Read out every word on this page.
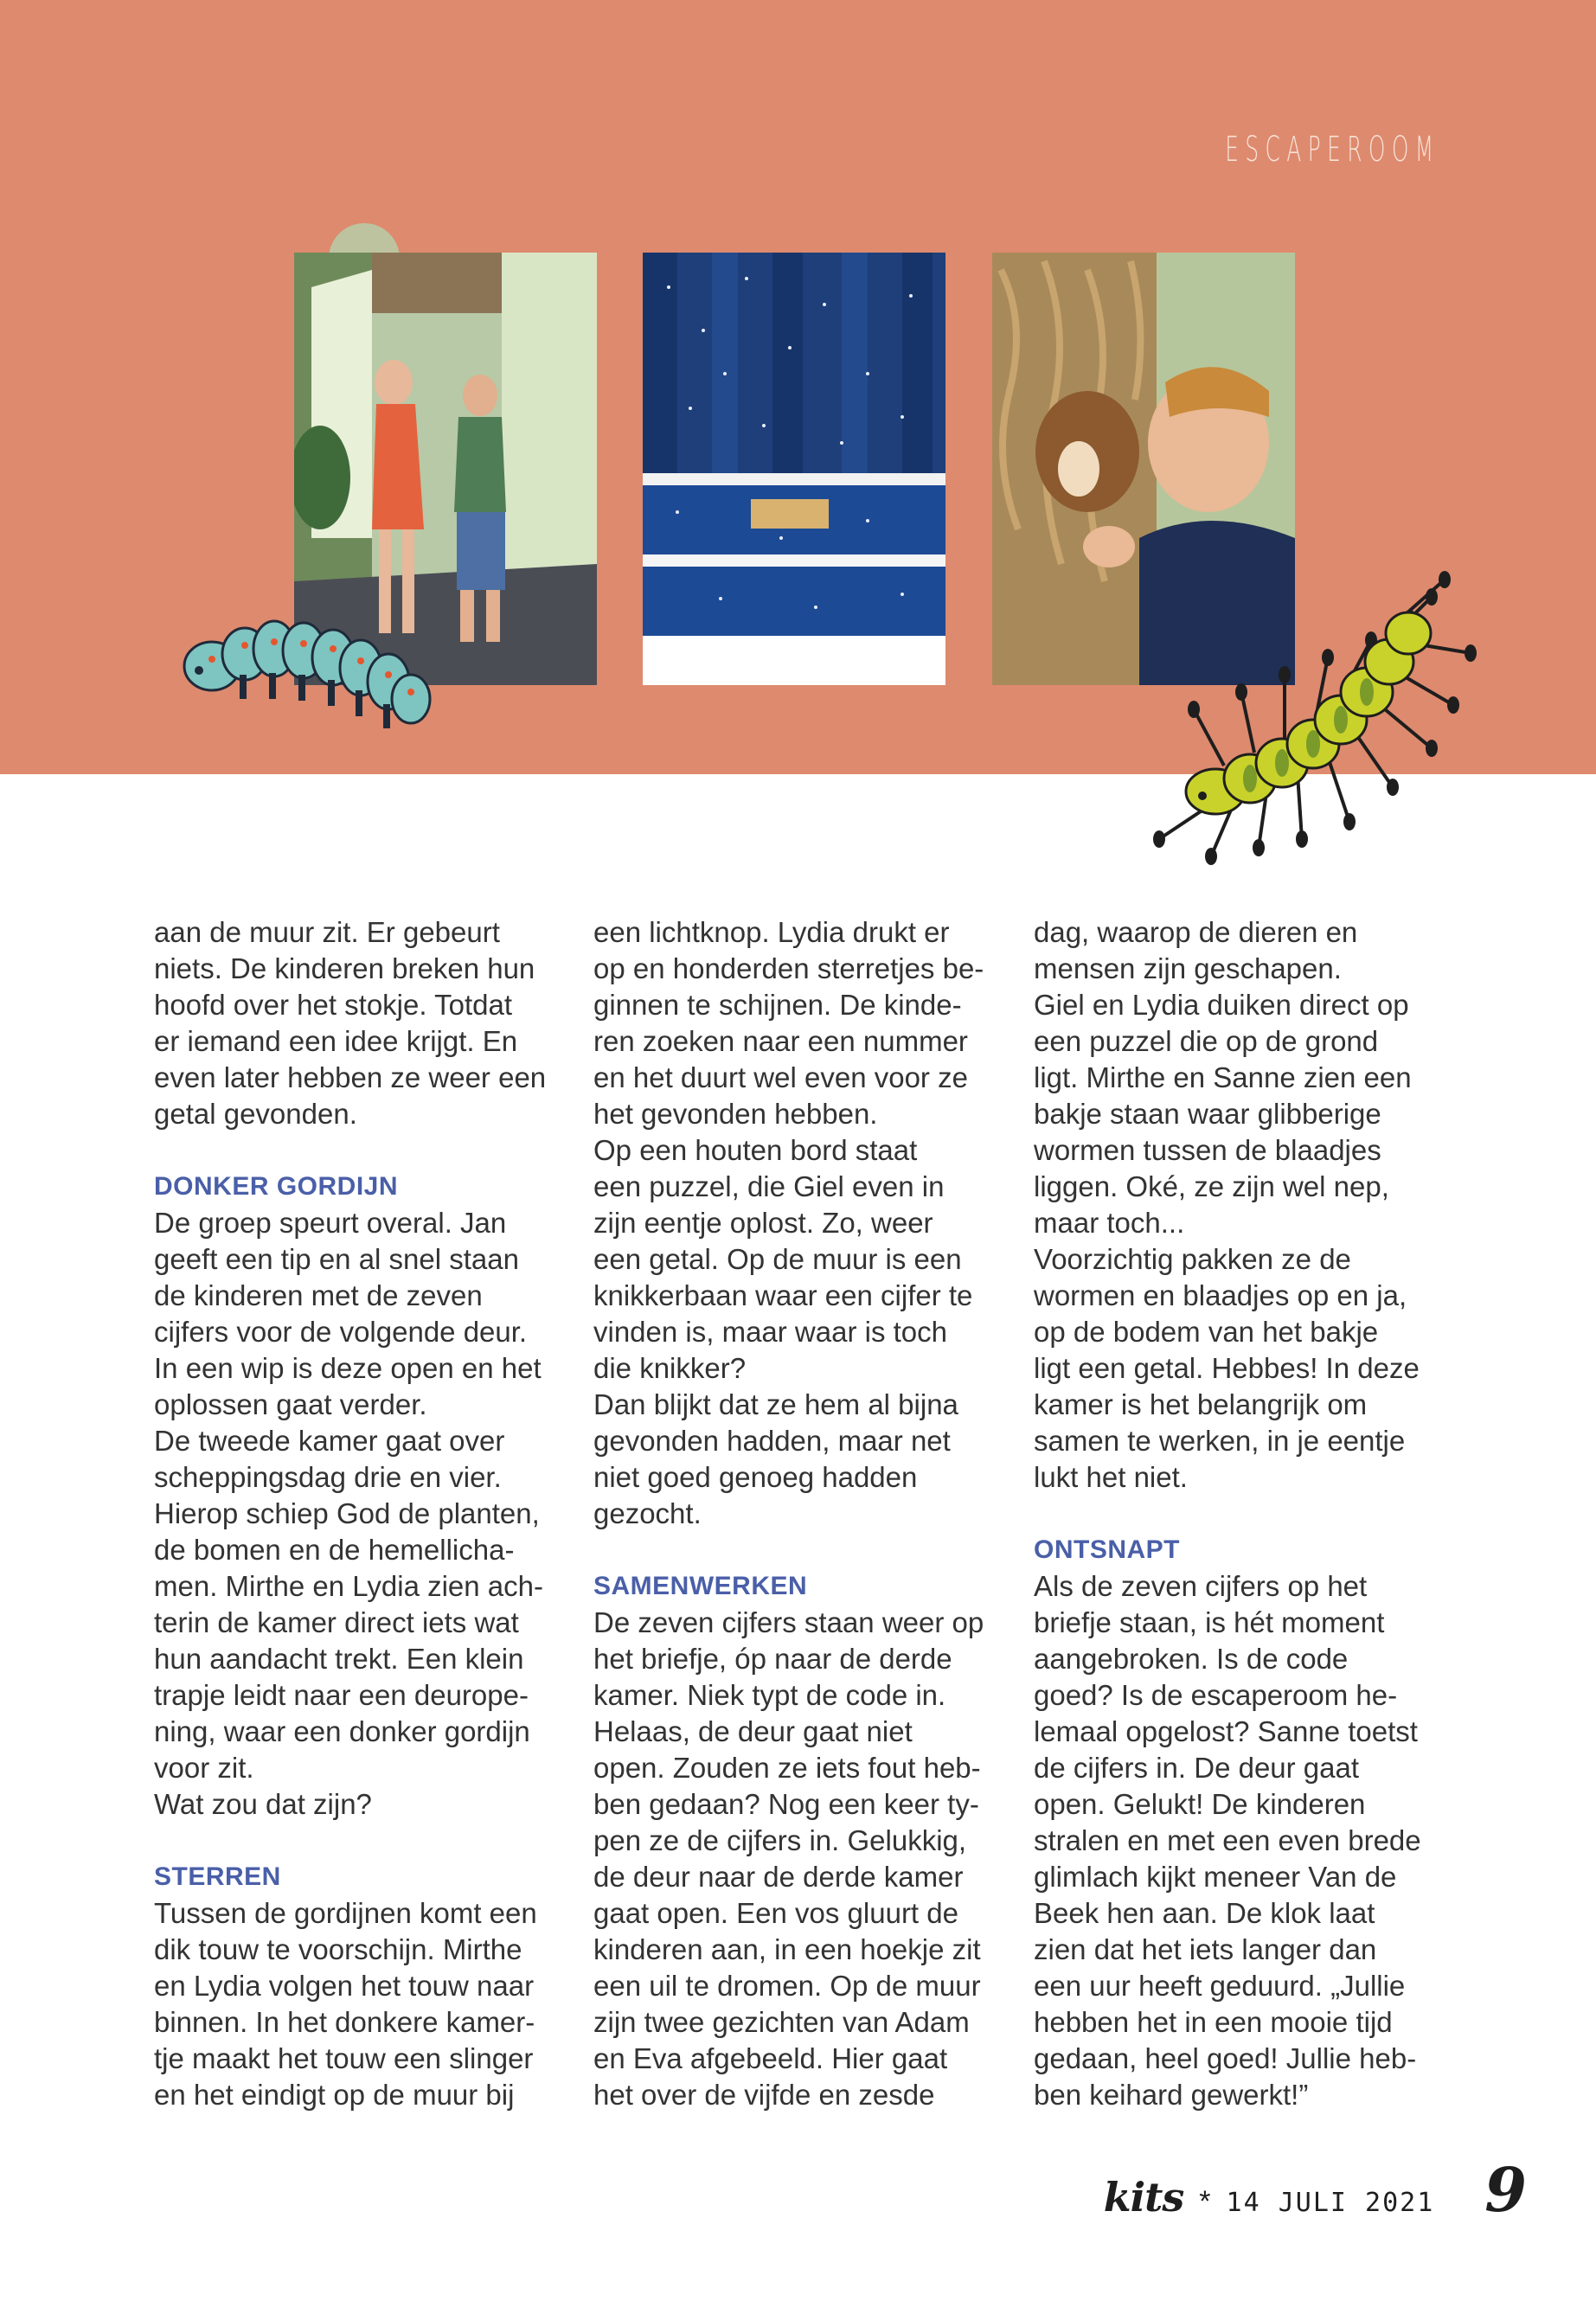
ESCAPEROOM

aan de muur zit. Er gebeurt
niets. De kinderen breken hun
hoofd over het stokje. Totdat
er iemand een idee krijgt. En
even later hebben ze weer een
getal gevonden.

DONKER GORDIJN

De groep speurt overal. Jan
geeft een tip en al snel staan
de kinderen met de zeven
cijfers voor de volgende deur.
In een wip is deze open en het
oplossen gaat verder.
De tweede kamer gaat over
scheppingsdag drie en vier.
Hierop schiep God de planten,
de bomen en de hemellicha-
men. Mirthe en Lydia zien ach-
terin de kamer direct iets wat
hun aandacht trekt. Een klein
trapje leidt naar een deurope-
ning, waar een donker gordijn
voor zit.
Wat zou dat zijn?

STERREN

Tussen de gordijnen komt een
dik touw te voorschijn. Mirthe
en Lydia volgen het touw naar
binnen. In het donkere kamer-
tje maakt het touw een slinger
en het eindigt op de muur bij

een lichtknop. Lydia drukt er
op en honderden sterretjes be-
ginnen te schijnen. De kinde-
ren zoeken naar een nummer
en het duurt wel even voor ze
het gevonden hebben.
Op een houten bord staat
een puzzel, die Giel even in
zijn eentje oplost. Zo, weer
een getal. Op de muur is een
knikkerbaan waar een cijfer te
vinden is, maar waar is toch
die knikker?
Dan blijkt dat ze hem al bijna
gevonden hadden, maar net
niet goed genoeg hadden
gezocht.

SAMENWERKEN

De zeven cijfers staan weer op
het briefje, óp naar de derde
kamer. Niek typt de code in.
Helaas, de deur gaat niet
open. Zouden ze iets fout heb-
ben gedaan? Nog een keer ty-
pen ze de cijfers in. Gelukkig,
de deur naar de derde kamer
gaat open. Een vos gluurt de
kinderen aan, in een hoekje zit
een uil te dromen. Op de muur
zijn twee gezichten van Adam
en Eva afgebeeld. Hier gaat
het over de vijfde en zesde

dag, waarop de dieren en
mensen zijn geschapen.
Giel en Lydia duiken direct op
een puzzel die op de grond
ligt. Mirthe en Sanne zien een
bakje staan waar glibberige
wormen tussen de blaadjes
liggen. Oké, ze zijn wel nep,
maar toch...
Voorzichtig pakken ze de
wormen en blaadjes op en ja,
op de bodem van het bakje
ligt een getal. Hebbes! In deze
kamer is het belangrijk om
samen te werken, in je eentje
lukt het niet.

ONTSNAPT

Als de zeven cijfers op het
briefje staan, is hét moment
aangebroken. Is de code
goed? Is de escaperoom he-
lemaal opgelost? Sanne toetst
de cijfers in. De deur gaat
open. Gelukt! De kinderen
stralen en met een even brede
glimlach kijkt meneer Van de
Beek hen aan. De klok laat
zien dat het iets langer dan
een uur heeft geduurd. „Jullie
hebben het in een mooie tijd
gedaan, heel goed! Jullie heb-
ben keihard gewerkt!”

kits * 14 JULI 2021 9
